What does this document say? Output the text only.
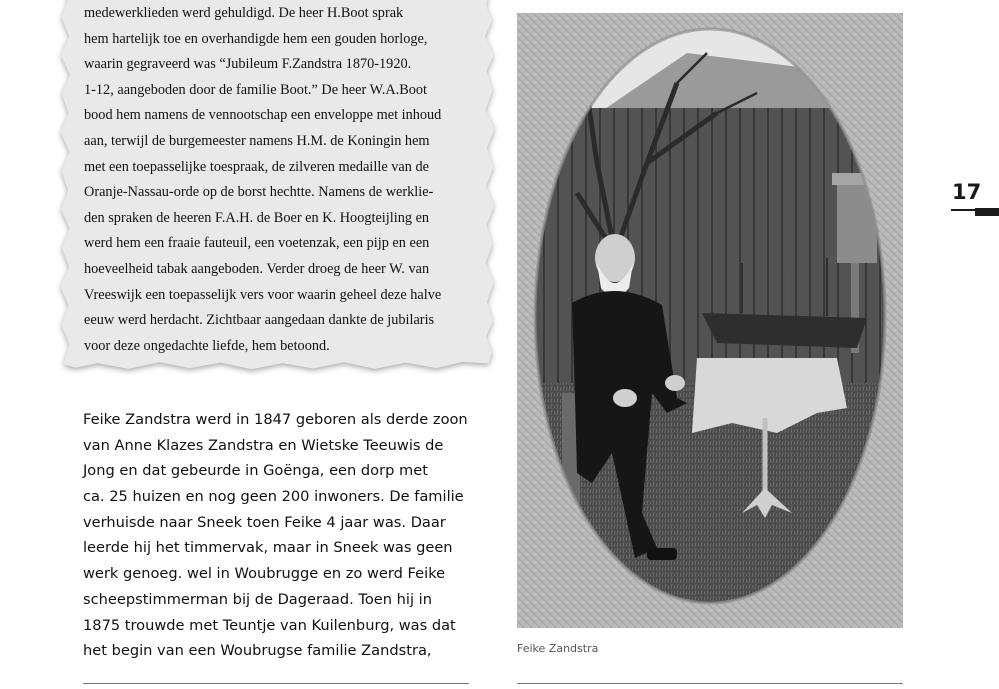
medewerklieden werd gehuldigd. De heer H.Boot sprak
hem hartelijk toe en overhandigde hem een gouden horloge,
waarin gegraveerd was “Jubileum F.Zandstra 1870-1920.
1-12, aangeboden door de familie Boot.” De heer W.A.Boot
bood hem namens de vennootschap een enveloppe met inhoud
aan, terwijl de burgemeester namens H.M. de Koningin hem
met een toepasselijke toespraak, de zilveren medaille van de
Oranje-Nassau-orde op de borst hechtte. Namens de werklie-
den spraken de heeren F.A.H. de Boer en K. Hoogteijling en
werd hem een fraaie fauteuil, een voetenzak, een pijp en een
hoeveelheid tabak aangeboden. Verder droeg de heer W. van
Vreeswijk een toepasselijk vers voor waarin geheel deze halve
eeuw werd herdacht. Zichtbaar aangedaan dankte de jubilaris
voor deze ongedachte liefde, hem betoond.

Feike Zandstra werd in 1847 geboren als derde zoon
van Anne Klazes Zandstra en Wietske Teeuwis de
Jong en dat gebeurde in Goënga, een dorp met
ca. 25 huizen en nog geen 200 inwoners. De familie
verhuisde naar Sneek toen Feike 4 jaar was. Daar
leerde hij het timmervak, maar in Sneek was geen
werk genoeg. wel in Woubrugge en zo werd Feike
scheepstimmerman bij de Dageraad. Toen hij in
1875 trouwde met Teuntje van Kuilenburg, was dat
het begin van een Woubrugse familie Zandstra,	Feike Zandstra
17
